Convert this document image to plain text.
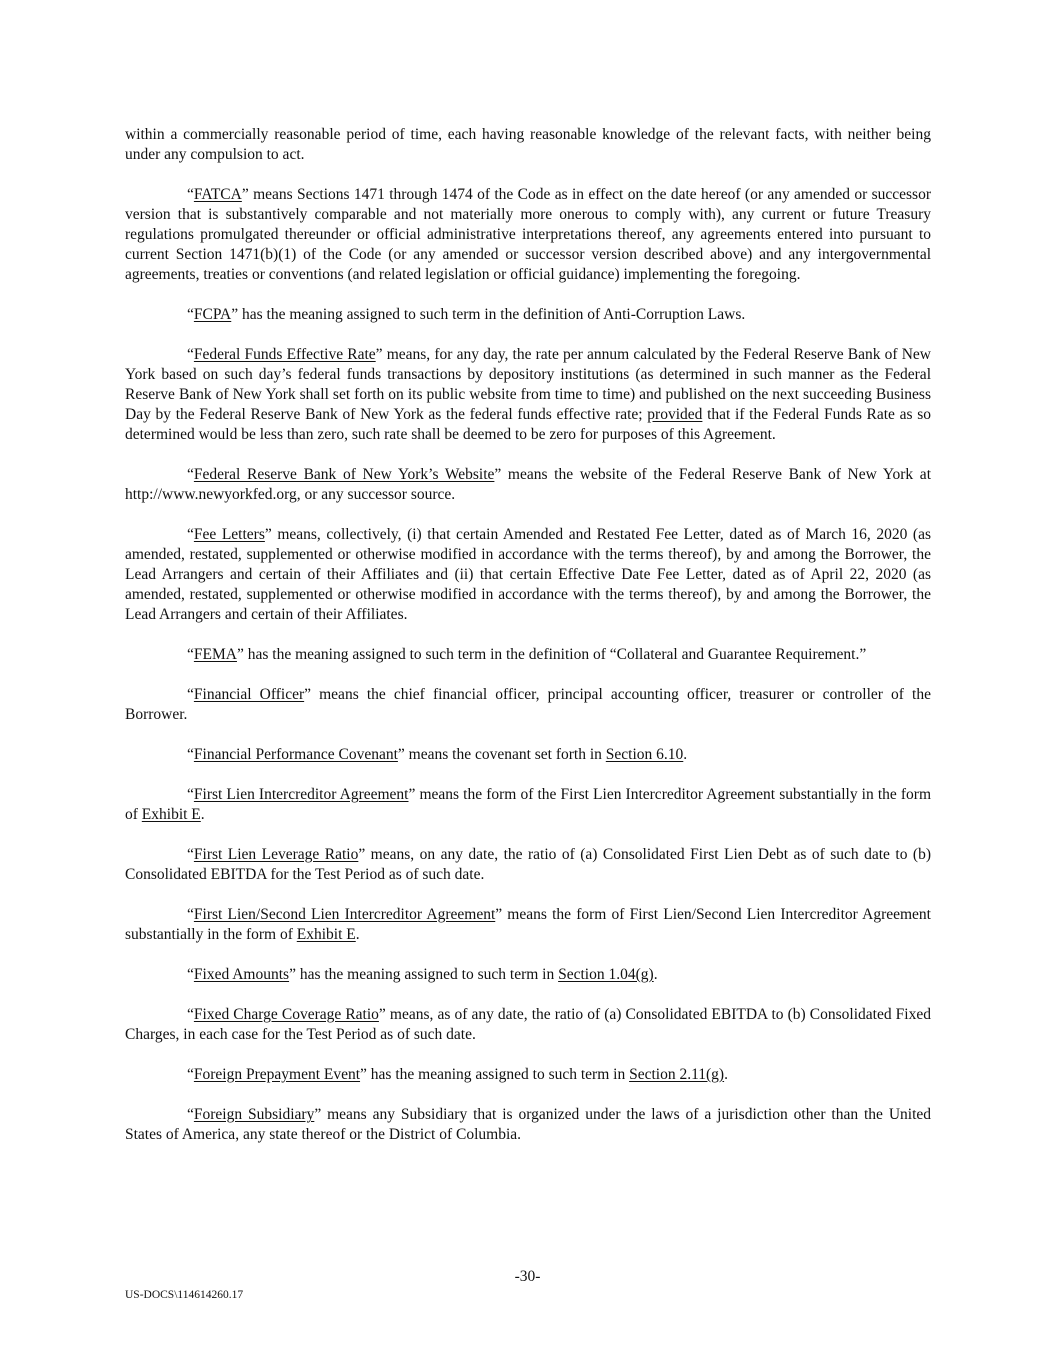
within a commercially reasonable period of time, each having reasonable knowledge of the relevant facts, with neither being under any compulsion to act.

“FATCA” means Sections 1471 through 1474 of the Code as in effect on the date hereof (or any amended or successor version that is substantively comparable and not materially more onerous to comply with), any current or future Treasury regulations promulgated thereunder or official administrative interpretations thereof, any agreements entered into pursuant to current Section 1471(b)(1) of the Code (or any amended or successor version described above) and any intergovernmental agreements, treaties or conventions (and related legislation or official guidance) implementing the foregoing.

“FCPA” has the meaning assigned to such term in the definition of Anti-Corruption Laws.

“Federal Funds Effective Rate” means, for any day, the rate per annum calculated by the Federal Reserve Bank of New York based on such day’s federal funds transactions by depository institutions (as determined in such manner as the Federal Reserve Bank of New York shall set forth on its public website from time to time) and published on the next succeeding Business Day by the Federal Reserve Bank of New York as the federal funds effective rate; provided that if the Federal Funds Rate as so determined would be less than zero, such rate shall be deemed to be zero for purposes of this Agreement.

“Federal Reserve Bank of New York’s Website” means the website of the Federal Reserve Bank of New York at http://www.newyorkfed.org, or any successor source.

“Fee Letters” means, collectively, (i) that certain Amended and Restated Fee Letter, dated as of March 16, 2020 (as amended, restated, supplemented or otherwise modified in accordance with the terms thereof), by and among the Borrower, the Lead Arrangers and certain of their Affiliates and (ii) that certain Effective Date Fee Letter, dated as of April 22, 2020 (as amended, restated, supplemented or otherwise modified in accordance with the terms thereof), by and among the Borrower, the Lead Arrangers and certain of their Affiliates.

“FEMA” has the meaning assigned to such term in the definition of “Collateral and Guarantee Requirement.”

“Financial Officer” means the chief financial officer, principal accounting officer, treasurer or controller of the Borrower.

“Financial Performance Covenant” means the covenant set forth in Section 6.10.

“First Lien Intercreditor Agreement” means the form of the First Lien Intercreditor Agreement substantially in the form of Exhibit E.

“First Lien Leverage Ratio” means, on any date, the ratio of (a) Consolidated First Lien Debt as of such date to (b) Consolidated EBITDA for the Test Period as of such date.

“First Lien/Second Lien Intercreditor Agreement” means the form of First Lien/Second Lien Intercreditor Agreement substantially in the form of Exhibit E.

“Fixed Amounts” has the meaning assigned to such term in Section 1.04(g).

“Fixed Charge Coverage Ratio” means, as of any date, the ratio of (a) Consolidated EBITDA to (b) Consolidated Fixed Charges, in each case for the Test Period as of such date.

“Foreign Prepayment Event” has the meaning assigned to such term in Section 2.11(g).

“Foreign Subsidiary” means any Subsidiary that is organized under the laws of a jurisdiction other than the United States of America, any state thereof or the District of Columbia.

-30-
US-DOCS\114614260.17
